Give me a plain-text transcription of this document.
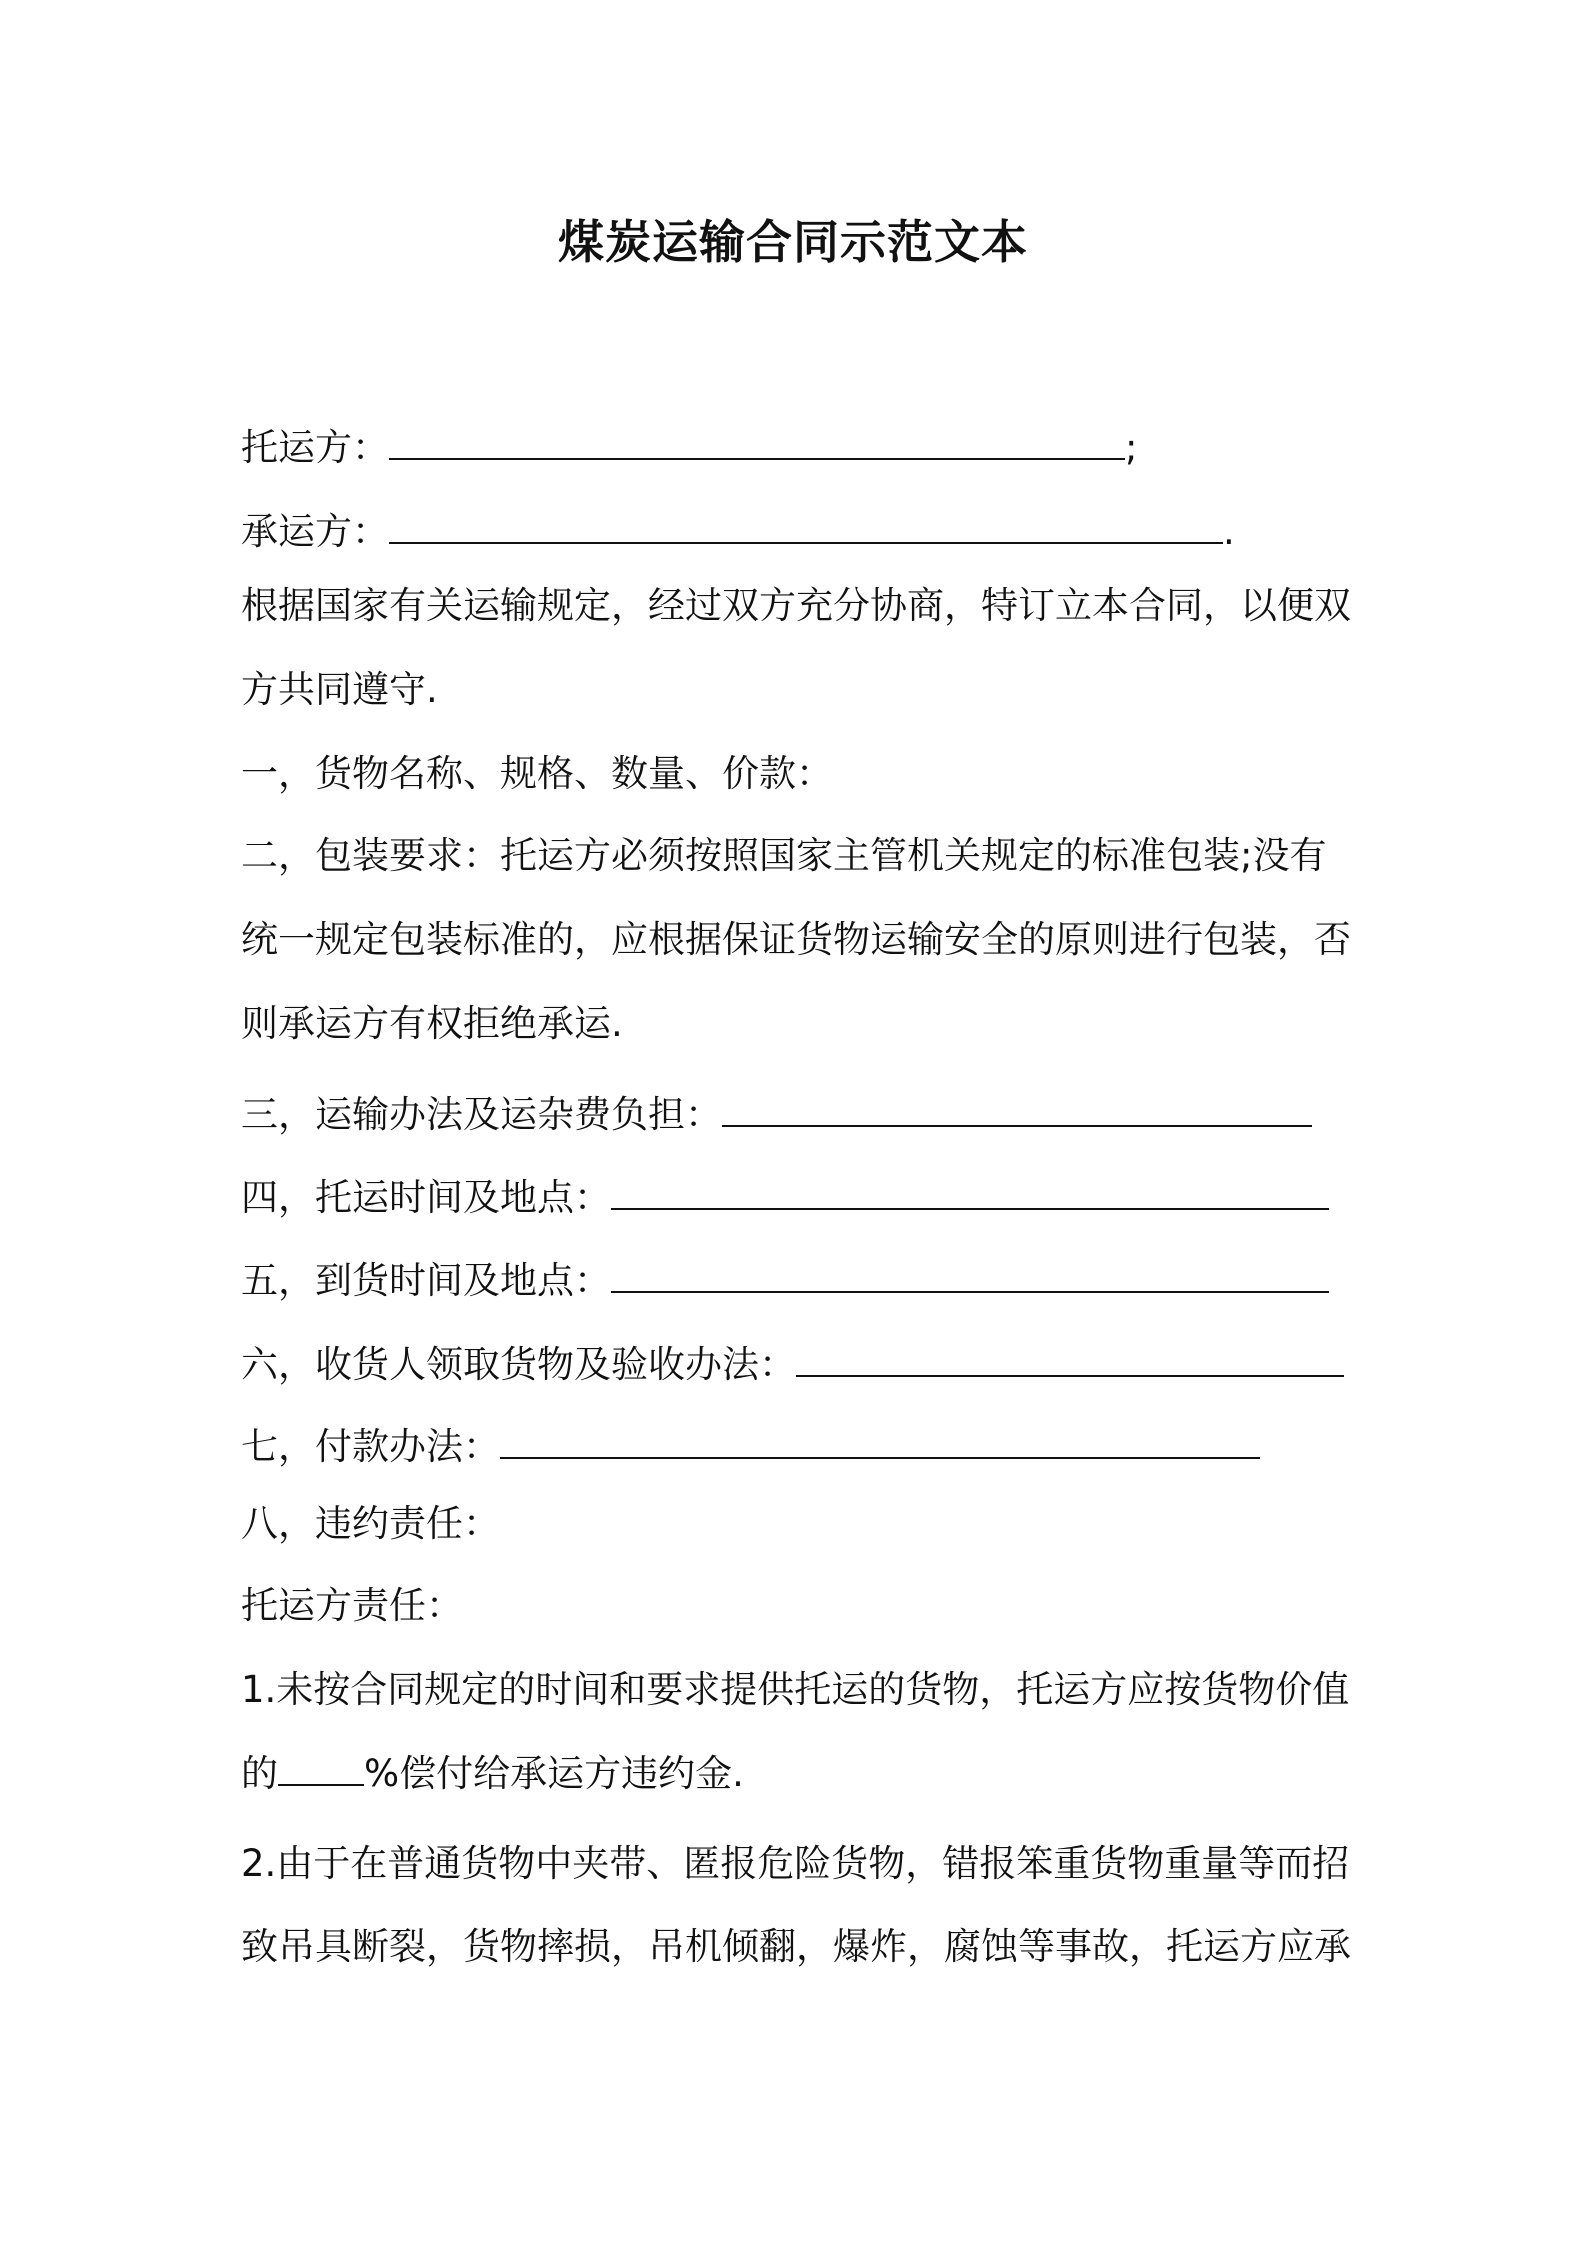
煤炭运输合同示范文本
托运方：	;
承运方：	.
根据国家有关运输规定，经过双方充分协商，特订立本合同，以便双
方共同遵守.
一，货物名称、规格、数量、价款：
二，包装要求：托运方必须按照国家主管机关规定的标准包装;没有
统一规定包装标准的，应根据保证货物运输安全的原则进行包装，否
则承运方有权拒绝承运.
三，运输办法及运杂费负担：
四，托运时间及地点：
五，到货时间及地点：
六，收货人领取货物及验收办法：
七，付款办法：
八，违约责任：
托运方责任：
1.未按合同规定的时间和要求提供托运的货物，托运方应按货物价值
的 %偿付给承运方违约金.
2.由于在普通货物中夹带、匿报危险货物，错报笨重货物重量等而招
致吊具断裂，货物摔损，吊机倾翻，爆炸，腐蚀等事故，托运方应承
